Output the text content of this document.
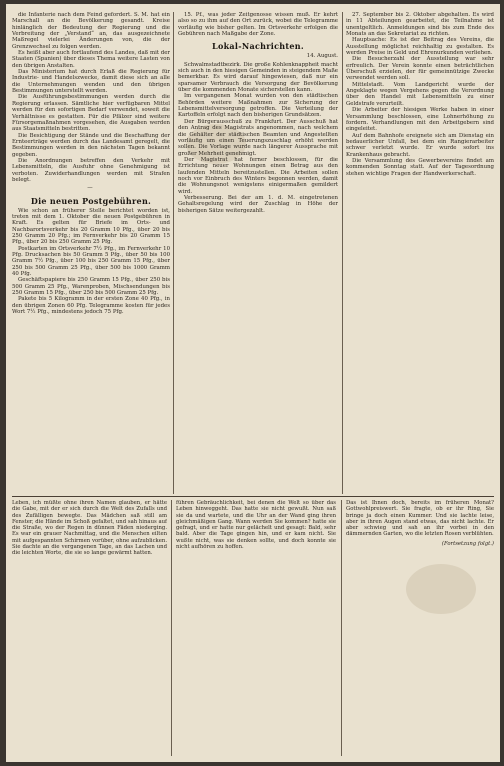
die Infanterie nach dem Feind gefordert. S. M. hat ein Marschall an die Bevölkerung gesandt. Kreise hinlänglich der Bedeutung der Regierung und die Verbreitung der „Verstand“ an, das ausgezeichnete Maßregel vielerlei Änderungen von, die der Grenzwechsel zu folgen werden.

Es heißt aber auch fortlaufend des Landes, daß mit der Staaten (Spanien) über dieses Thema weitere Lasten von den übrigen Anstalten.

Das Ministerium hat durch Erlaß die Regierung für Industrie- und Handelszwecke, damit diese sich an alle die Unternehmungen wenden und den übrigen Bestimmungen unterstellt werden.

Die Ausführungsbestimmungen werden durch die Regierung erlassen. Sämtliche hier verfügbaren Mittel werden für den sofortigen Bedarf verwendet, soweit die Verhältnisse es gestatten. Für die Pfälzer sind weitere Fürsorgemaßnahmen vorgesehen, die Ausgaben werden aus Staatsmitteln bestritten.

Die Besichtigung der Stände und die Beschaffung der Ernteerträge werden durch das Landesamt geregelt, die Bestimmungen werden in den nächsten Tagen bekannt gegeben.

Die Anordnungen betreffen den Verkehr mit Lebensmitteln, die Ausfuhr ohne Genehmigung ist verboten. Zuwiderhandlungen werden mit Strafen belegt.

—
Die neuen Postgebühren.

Wie schon an früherer Stelle berichtet worden ist, treten mit dem 1. Oktober die neuen Postgebühren in Kraft. Es gelten für Briefe im Orts- und Nachbarortsverkehr bis 20 Gramm 10 Pfg., über 20 bis 250 Gramm 20 Pfg.; im Fernverkehr bis 20 Gramm 15 Pfg., über 20 bis 250 Gramm 25 Pfg.

Postkarten im Ortsverkehr 7½ Pfg., im Fernverkehr 10 Pfg. Drucksachen bis 50 Gramm 5 Pfg., über 50 bis 100 Gramm 7½ Pfg., über 100 bis 250 Gramm 15 Pfg., über 250 bis 500 Gramm 25 Pfg., über 500 bis 1000 Gramm 40 Pfg.

Geschäftspapiere bis 250 Gramm 15 Pfg., über 250 bis 500 Gramm 25 Pfg., Warenproben, Mischsendungen bis 250 Gramm 15 Pfg., über 250 bis 500 Gramm 25 Pfg.

Pakete bis 5 Kilogramm in der ersten Zone 40 Pfg., in den übrigen Zonen 60 Pfg. Telegramme kosten für jedes Wort 7½ Pfg., mindestens jedoch 75 Pfg.

15. Pf., was jeder Zeitgenosse wissen muß. Er kehrt also so zu ihm auf den Ort zurück, wobei die Telegramme vorläufig wie bisher gelten. Im Ortsverkehr erfolgen die Gebühren nach Maßgabe der Zone.

Lokal-Nachrichten.
14. August.

Schwalmstadtbezirk. Die große Kohlenknappheit macht sich auch in den hiesigen Gemeinden in steigendem Maße bemerkbar. Es wird darauf hingewiesen, daß nur ein sparsamer Verbrauch die Versorgung der Bevölkerung über die kommenden Monate sicherstellen kann.

Im vergangenen Monat wurden von den städtischen Behörden weitere Maßnahmen zur Sicherung der Lebensmittelversorgung getroffen. Die Verteilung der Kartoffeln erfolgt nach den bisherigen Grundsätzen.

Der Bürgerausschuß zu Frankfurt. Der Ausschuß hat den Antrag des Magistrats angenommen, nach welchem die Gehälter der städtischen Beamten und Angestellten vorläufig um einen Teuerungszuschlag erhöht werden sollen. Die Vorlage wurde nach längerer Aussprache mit großer Mehrheit genehmigt.

Der Magistrat hat ferner beschlossen, für die Errichtung neuer Wohnungen einen Betrag aus den laufenden Mitteln bereitzustellen. Die Arbeiten sollen noch vor Einbruch des Winters begonnen werden, damit die Wohnungsnot wenigstens einigermaßen gemildert wird.

Verbesserung. Bei der am 1. d. M. eingetretenen Gehaltsregelung wird der Zuschlag in Höhe der bisherigen Sätze weitergezahlt.

27. September bis 2. Oktober abgehalten. Es wird in 11 Abteilungen gearbeitet, die Teilnahme ist unentgeltlich. Anmeldungen sind bis zum Ende des Monats an das Sekretariat zu richten.

Hauptsache: Es ist der Beitrag des Vereins, die Ausstellung möglichst reichhaltig zu gestalten. Es werden Preise in Geld und Ehrenurkunden verliehen.

Die Besucherzahl der Ausstellung war sehr erfreulich. Der Verein konnte einen beträchtlichen Überschuß erzielen, der für gemeinnützige Zwecke verwendet werden soll.

Mittelstadt. Vom Landgericht wurde der Angeklagte wegen Vergehens gegen die Verordnung über den Handel mit Lebensmitteln zu einer Geldstrafe verurteilt.

Die Arbeiter der hiesigen Werke haben in einer Versammlung beschlossen, eine Lohnerhöhung zu fordern. Verhandlungen mit den Arbeitgebern sind eingeleitet.

Auf dem Bahnhofe ereignete sich am Dienstag ein bedauerlicher Unfall, bei dem ein Rangierarbeiter schwer verletzt wurde. Er wurde sofort ins Krankenhaus gebracht.

Die Versammlung des Gewerbevereins findet am kommenden Sonntag statt. Auf der Tagesordnung stehen wichtige Fragen der Handwerkerschaft.

Leben, ich müßte ohne ihren Namen glauben, er hätte die Gabe, mit der er sich durch die Welt des Zufalls und des Zufälligen bewegte. Das Mädchen saß still am Fenster, die Hände im Schoß gefaltet, und sah hinaus auf die Straße, wo der Regen in dünnen Fäden niederging. Es war ein grauer Nachmittag, und die Menschen eilten mit aufgespannten Schirmen vorüber, ohne aufzublicken. Sie dachte an die vergangenen Tage, an das Lachen und die leichten Worte, die sie so lange gewärmt hatten.
führen Gebräuchlichkeit, bei denen die Welt so über das Leben hinweggeht. Das hatte sie nicht gewußt. Nun saß sie da und wartete, und die Uhr an der Wand ging ihren gleichmäßigen Gang. Wann werden Sie kommen? hatte sie gefragt, und er hatte nur gelächelt und gesagt: Bald, sehr bald. Aber die Tage gingen hin, und er kam nicht. Sie wußte nicht, was sie denken sollte, und doch konnte sie nicht aufhören zu hoffen.
Das ist Ihnen doch, bereits im früheren Monat? Gottwohlpreiswert. Sie fragte, ob er ihr Ring, Sie bringe ja doch einen Kummer. Und sie lachte leise, aber in ihren Augen stand etwas, das nicht lachte. Er aber schwieg und sah an ihr vorbei in den dämmernden Garten, wo die letzten Rosen verblühten.
(Fortsetzung folgt.)
